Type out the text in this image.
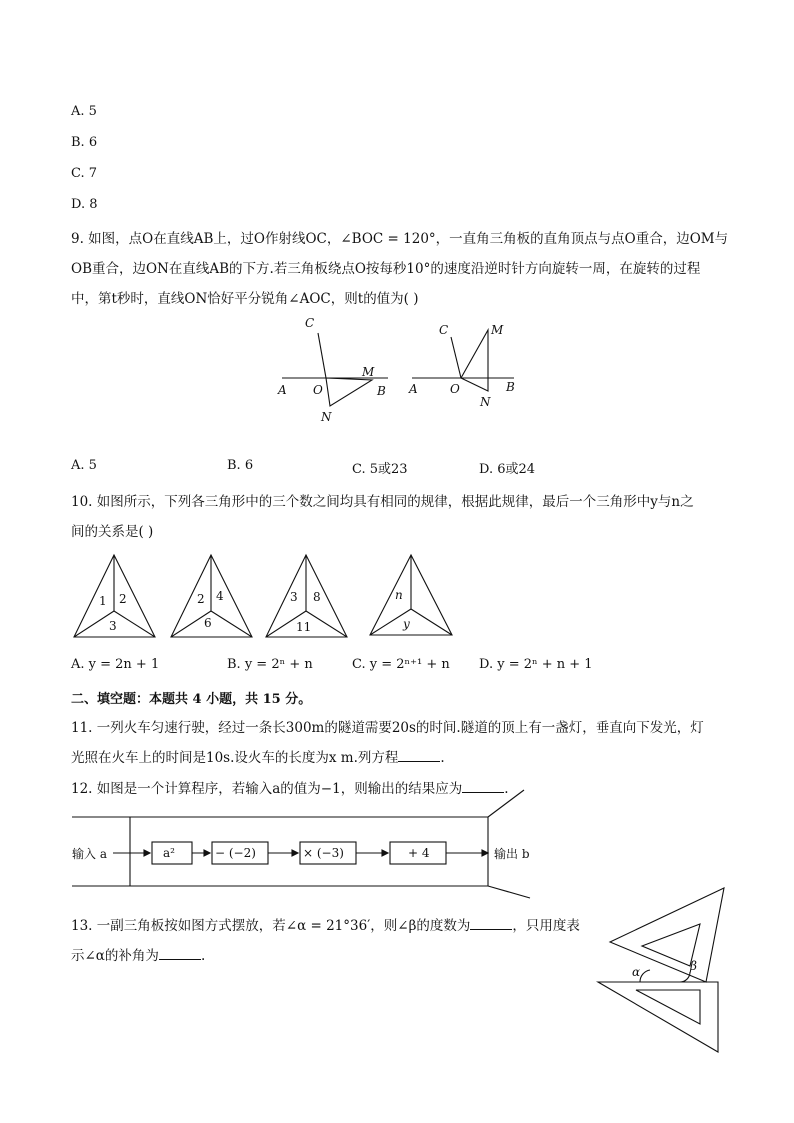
A. 5
B. 6
C. 7
D. 8
9. 如图，点O在直线AB上，过O作射线OC，∠BOC = 120°，一直角三角板的直角顶点与点O重合，边OM与
OB重合，边ON在直线AB的下方.若三角板绕点O按每秒10°的速度沿逆时针方向旋转一周，在旋转的过程
中，第t秒时，直线ON恰好平分锐角∠AOC，则t的值为( )
C
M
A O	B
N
C	M
A	O	B
N
1 2
3
2 4
6
3 8
11
n
y
输入 a	a²	− (−2)	× (−3)	+ 4	输出 b
α	β
A. 5	B. 6	C. 5或23	D. 6或24
10. 如图所示，下列各三角形中的三个数之间均具有相同的规律，根据此规律，最后一个三角形中y与n之
间的关系是( )
A. y = 2n + 1	B. y = 2ⁿ + n	C. y = 2ⁿ⁺¹ + n D. y = 2ⁿ + n + 1
二、填空题：本题共 4 小题，共 15 分。
11. 一列火车匀速行驶，经过一条长300m的隧道需要20s的时间.隧道的顶上有一盏灯，垂直向下发光，灯
光照在火车上的时间是10s.设火车的长度为x m.列方程	.
12. 如图是一个计算程序，若输入a的值为−1，则输出的结果应为	.
13. 一副三角板按如图方式摆放，若∠α = 21°36′，则∠β的度数为	，只用度表
示∠α的补角为	.
